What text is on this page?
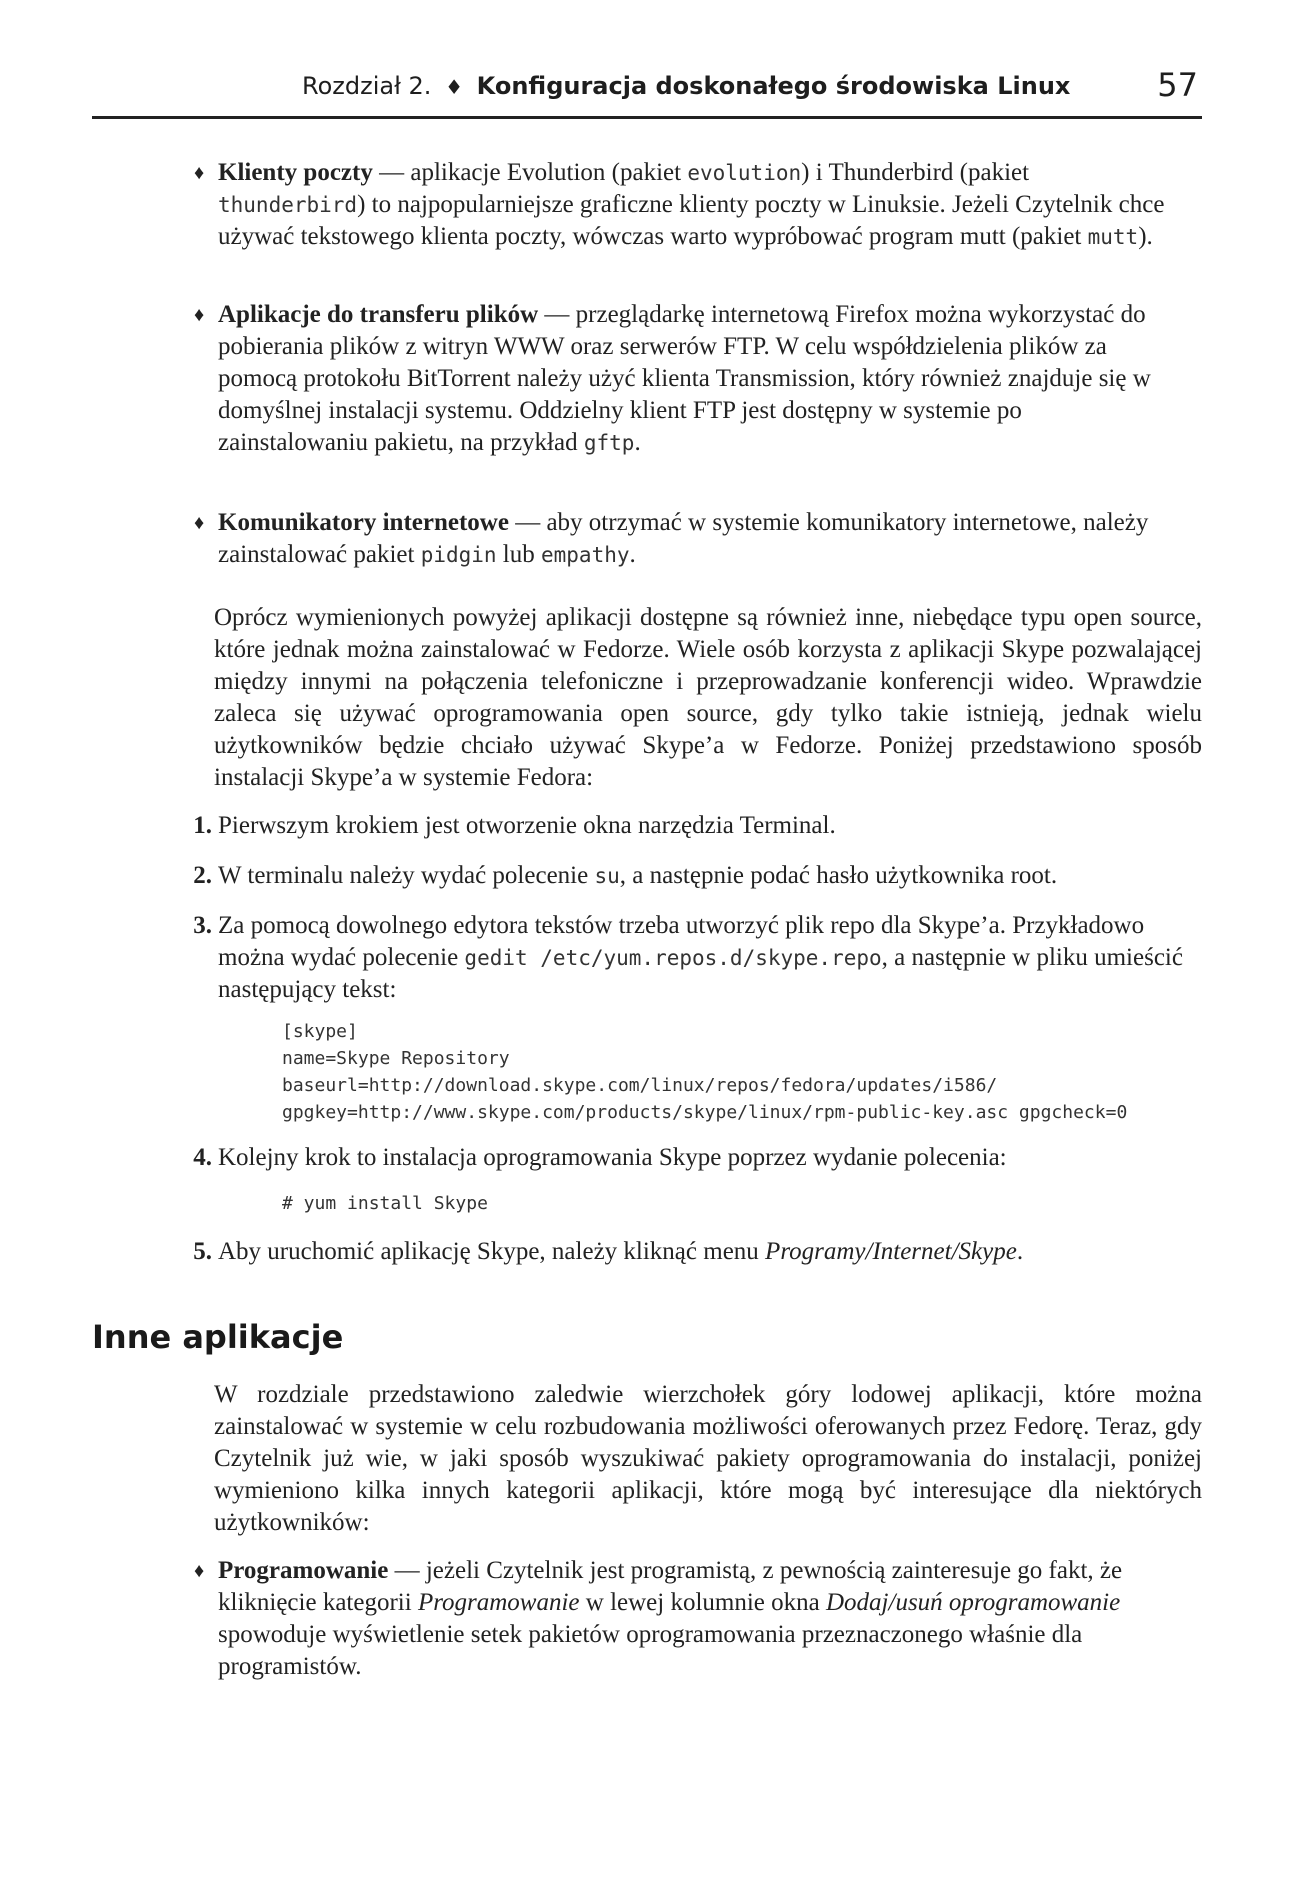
Rozdział 2. ♦ Konfiguracja doskonałego środowiska Linux	57
♦ Klienty poczty — aplikacje Evolution (pakiet evolution) i Thunderbird (pakiet thunderbird) to najpopularniejsze graficzne klienty poczty w Linuksie. Jeżeli Czytelnik chce używać tekstowego klienta poczty, wówczas warto wypróbować program mutt (pakiet mutt).

♦ Aplikacje do transferu plików — przeglądarkę internetową Firefox można wykorzystać do pobierania plików z witryn WWW oraz serwerów FTP. W celu współdzielenia plików za pomocą protokołu BitTorrent należy użyć klienta Transmission, który również znajduje się w domyślnej instalacji systemu. Oddzielny klient FTP jest dostępny w systemie po zainstalowaniu pakietu, na przykład gftp.

♦ Komunikatory internetowe — aby otrzymać w systemie komunikatory internetowe, należy zainstalować pakiet pidgin lub empathy.

Oprócz wymienionych powyżej aplikacji dostępne są również inne, niebędące typu open source, które jednak można zainstalować w Fedorze. Wiele osób korzysta z aplikacji Skype pozwalającej między innymi na połączenia telefoniczne i przeprowadzanie konferencji wideo. Wprawdzie zaleca się używać oprogramowania open source, gdy tylko takie istnieją, jednak wielu użytkowników będzie chciało używać Skype’a w Fedorze. Poniżej przedstawiono sposób instalacji Skype’a w systemie Fedora:

1. Pierwszym krokiem jest otworzenie okna narzędzia Terminal.

2. W terminalu należy wydać polecenie su, a następnie podać hasło użytkownika root.

3. Za pomocą dowolnego edytora tekstów trzeba utworzyć plik repo dla Skype’a. Przykładowo można wydać polecenie gedit /etc/yum.repos.d/skype.repo, a następnie w pliku umieścić następujący tekst:

[skype]
name=Skype Repository
baseurl=http://download.skype.com/linux/repos/fedora/updates/i586/
gpgkey=http://www.skype.com/products/skype/linux/rpm-public-key.asc gpgcheck=0
4. Kolejny krok to instalacja oprogramowania Skype poprzez wydanie polecenia:

# yum install Skype
5. Aby uruchomić aplikację Skype, należy kliknąć menu Programy/Internet/Skype.

Inne aplikacje

W rozdziale przedstawiono zaledwie wierzchołek góry lodowej aplikacji, które można zainstalować w systemie w celu rozbudowania możliwości oferowanych przez Fedorę. Teraz, gdy Czytelnik już wie, w jaki sposób wyszukiwać pakiety oprogramowania do instalacji, poniżej wymieniono kilka innych kategorii aplikacji, które mogą być interesujące dla niektórych użytkowników:

♦ Programowanie — jeżeli Czytelnik jest programistą, z pewnością zainteresuje go fakt, że kliknięcie kategorii Programowanie w lewej kolumnie okna Dodaj/usuń oprogramowanie spowoduje wyświetlenie setek pakietów oprogramowania przeznaczonego właśnie dla programistów.
